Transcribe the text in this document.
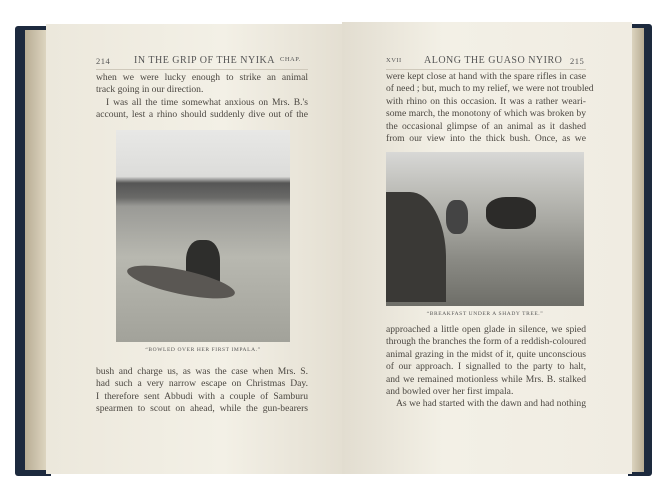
214 IN THE GRIP OF THE NYIKA CHAP.
when we were lucky enough to strike an animal
track going in our direction.
I was all the time somewhat anxious on Mrs. B.'s
account, lest a rhino should suddenly dive out of the
“BOWLED OVER HER FIRST IMPALA.”
bush and charge us, as was the case when Mrs. S.
had such a very narrow escape on Christmas Day.
I therefore sent Abbudi with a couple of Samburu
spearmen to scout on ahead, while the gun-bearers
XVII ALONG THE GUASO NYIRO 215
were kept close at hand with the spare rifles in case
of need ; but, much to my relief, we were not troubled
with rhino on this occasion. It was a rather weari-
some march, the monotony of which was broken by
the occasional glimpse of an animal as it dashed
from our view into the thick bush. Once, as we
“BREAKFAST UNDER A SHADY TREE.”
approached a little open glade in silence, we spied
through the branches the form of a reddish-coloured
animal grazing in the midst of it, quite unconscious
of our approach. I signalled to the party to halt,
and we remained motionless while Mrs. B. stalked
and bowled over her first impala.
As we had started with the dawn and had nothing
